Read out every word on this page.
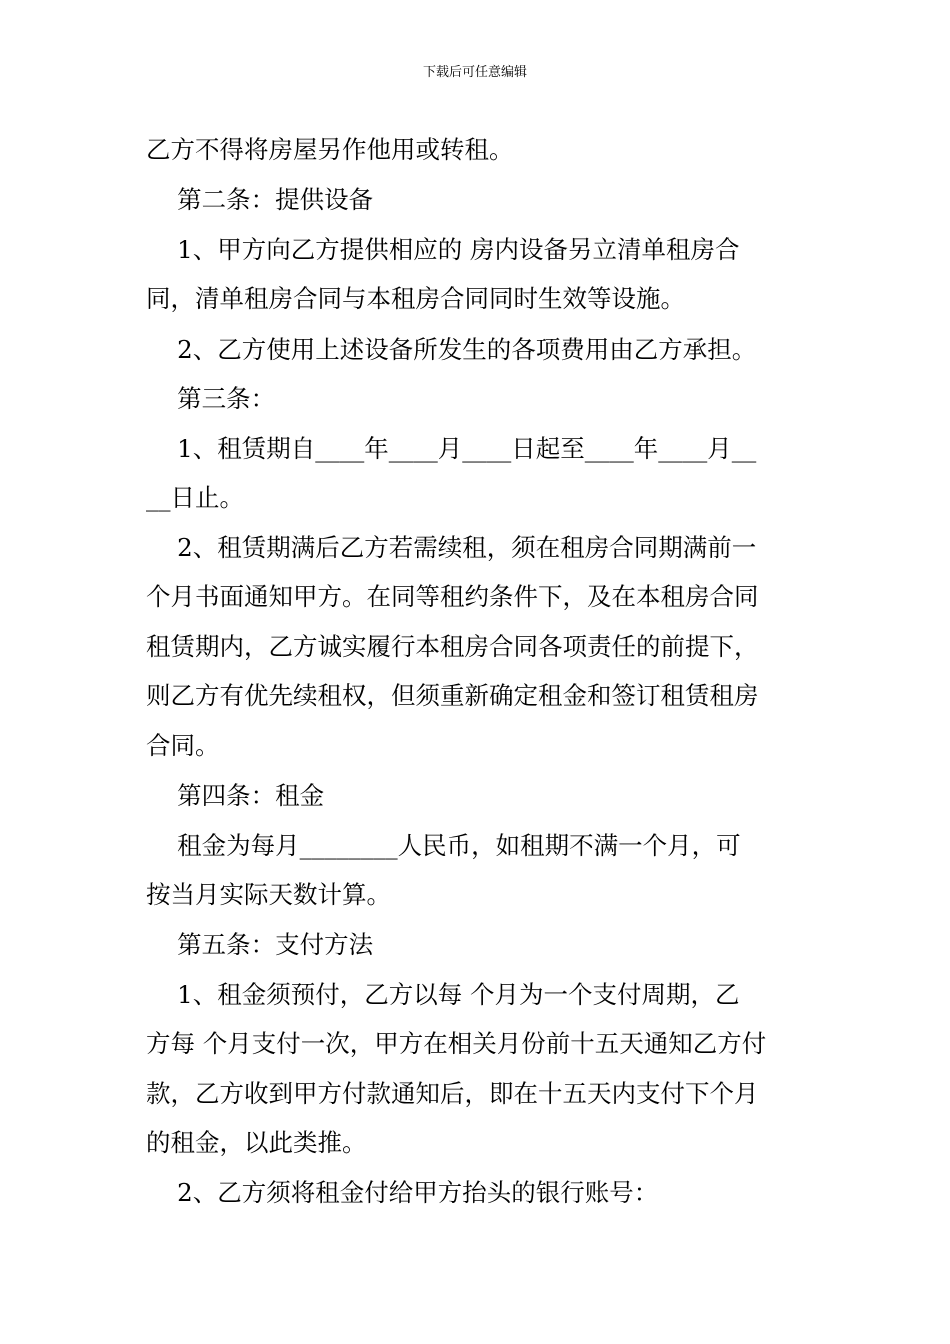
下载后可任意编辑
乙方不得将房屋另作他用或转租。
第二条：提供设备
1、甲方向乙方提供相应的 房内设备另立清单租房合
同，清单租房合同与本租房合同同时生效等设施。
2、乙方使用上述设备所发生的各项费用由乙方承担。
第三条：
1、租赁期自____年____月____日起至____年____月__
__日止。
2、租赁期满后乙方若需续租，须在租房合同期满前一
个月书面通知甲方。在同等租约条件下，及在本租房合同
租赁期内，乙方诚实履行本租房合同各项责任的前提下，
则乙方有优先续租权，但须重新确定租金和签订租赁租房
合同。
第四条：租金
租金为每月________人民币，如租期不满一个月，可
按当月实际天数计算。
第五条：支付方法
1、租金须预付，乙方以每 个月为一个支付周期，乙
方每 个月支付一次，甲方在相关月份前十五天通知乙方付
款，乙方收到甲方付款通知后，即在十五天内支付下个月
的租金，以此类推。
2、乙方须将租金付给甲方抬头的银行账号：
